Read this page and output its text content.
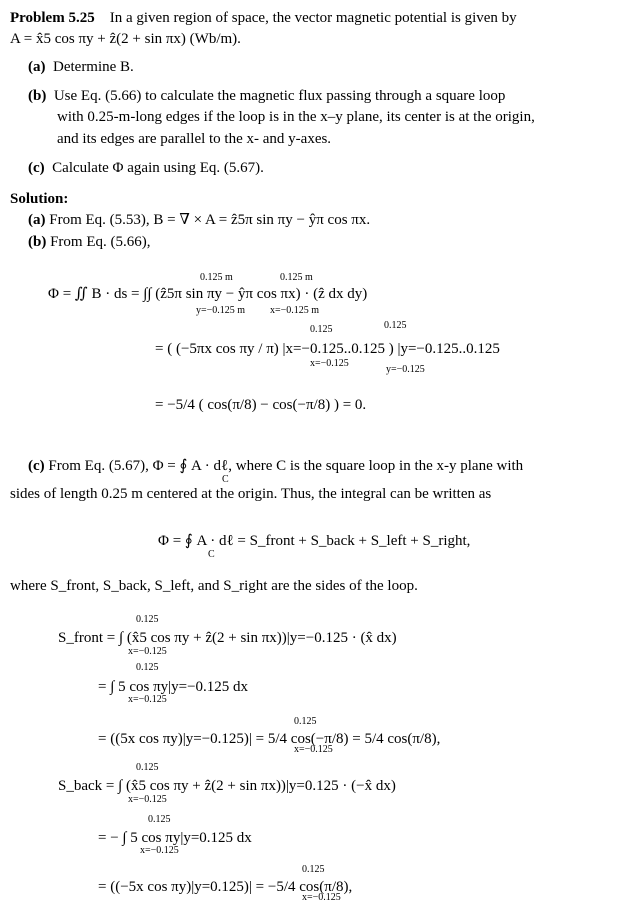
Problem 5.25 In a given region of space, the vector magnetic potential is given by
A = x̂5 cos πy + ẑ(2 + sin πx) (Wb/m).
(a) Determine B.
(b) Use Eq. (5.66) to calculate the magnetic flux passing through a square loop
with 0.25-m-long edges if the loop is in the x–y plane, its center is at the origin,
and its edges are parallel to the x- and y-axes.
(c) Calculate Φ again using Eq. (5.67).
Solution:
(a) From Eq. (5.53), B = ∇ × A = ẑ5π sin πy − ŷπ cos πx.
(b) From Eq. (5.66),
0.125 m
y=−0.125 m
0.125 m
x=−0.125 m
Φ = ∬ B · ds = ∫∫ (ẑ5π sin πy − ŷπ cos πx) · (ẑ dx dy)
0.125
x=−0.125
0.125
y=−0.125
= ( (−5πx cos πy / π) |x=−0.125..0.125 ) |y=−0.125..0.125
= −5/4 ( cos(π/8) − cos(−π/8) ) = 0.
(c) From Eq. (5.67), Φ = ∮ A · dℓ, where C is the square loop in the x-y plane with
C
sides of length 0.25 m centered at the origin. Thus, the integral can be written as
Φ = ∮ A · dℓ = S_front + S_back + S_left + S_right,
C
where S_front, S_back, S_left, and S_right are the sides of the loop.
0.125
x=−0.125
S_front = ∫ (x̂5 cos πy + ẑ(2 + sin πx))|y=−0.125 · (x̂ dx)
0.125
x=−0.125
= ∫ 5 cos πy|y=−0.125 dx
0.125
x=−0.125
= ((5x cos πy)|y=−0.125)| = 5/4 cos(−π/8) = 5/4 cos(π/8),
0.125
x=−0.125
S_back = ∫ (x̂5 cos πy + ẑ(2 + sin πx))|y=0.125 · (−x̂ dx)
0.125
x=−0.125
= − ∫ 5 cos πy|y=0.125 dx
0.125
x=−0.125
= ((−5x cos πy)|y=0.125)| = −5/4 cos(π/8),
